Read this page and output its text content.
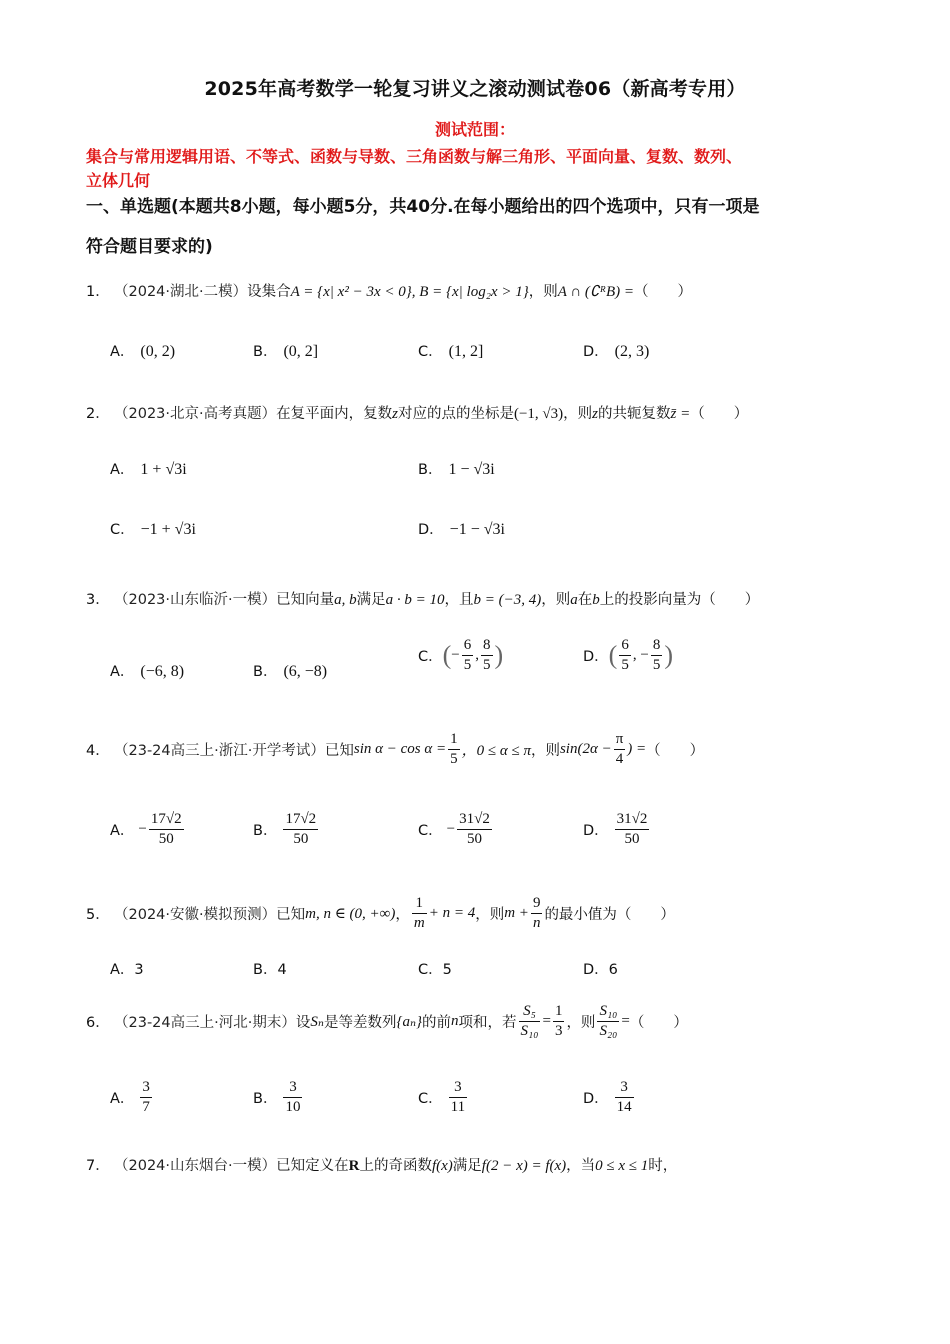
2025年高考数学一轮复习讲义之滚动测试卷06（新高考专用）
测试范围：
集合与常用逻辑用语、不等式、函数与导数、三角函数与解三角形、平面向量、复数、数列、
立体几何
一、单选题(本题共8小题，每小题5分，共40分.在每小题给出的四个选项中，只有一项是
符合题目要求的)
1． （2024·湖北·二模）设集合A = {x| x² − 3x < 0}, B = {x| log₂x > 1}，则A ∩ (∁ᴿB) =（　　）
A． (0, 2)	B． (0, 2]	C． (1, 2]	D． (2, 3)
2． （2023·北京·高考真题）在复平面内，复数z对应的点的坐标是(−1, √3)，则z的共轭复数z̄ =（　　）
A． 1 + √3i	B． 1 − √3i
C． −1 + √3i	D． −1 − √3i
3． （2023·山东临沂·一模）已知向量a, b满足a · b = 10，且b = (−3, 4)，则a在b上的投影向量为（　　）
A． (−6, 8)	B． (6, −8)
C．(− $\frac{6}{5}$ , $\frac{8}{5}$ )	D．( $\frac{6}{5}$ , − $\frac{8}{5}$ )
4． （23-24高三上·浙江·开学考试）已知$\sin \alpha - \cos \alpha = \frac{1}{5}$ ，0 ≤ α ≤ π，则$\sin(2\alpha - \frac{\pi}{4}$ ) =（　　）
A． − $\frac{17√2}{50}$	B． $\frac{17√2}{50}$	C． − $\frac{31√2}{50}$	D． $\frac{31√2}{50}$
5． （2024·安徽·模拟预测）已知m, n ∈ (0, +∞)， $\frac{1}{m} + n = 4$，则$m + \frac{9}{n}$ 的最小值为（　　）
A．3	B．4	C．5	D．6
6． （23-24高三上·河北·期末）设Sₙ是等差数列{aₙ}的前n项和，若 $\frac{\text{S₅}}{\text{S₁₀}} = \frac{1}{3}$ ，则 $\frac{\text{S₁₀}}{\text{S₂₀}}$ =（　　）
A． $\frac{3}{7}$	B． $\frac{3}{10}$	C． $\frac{3}{11}$	D． $\frac{3}{14}$
7． （2024·山东烟台·一模）已知定义在R上的奇函数f(x)满足f(2 − x) = f(x)，当0 ≤ x ≤ 1时，
